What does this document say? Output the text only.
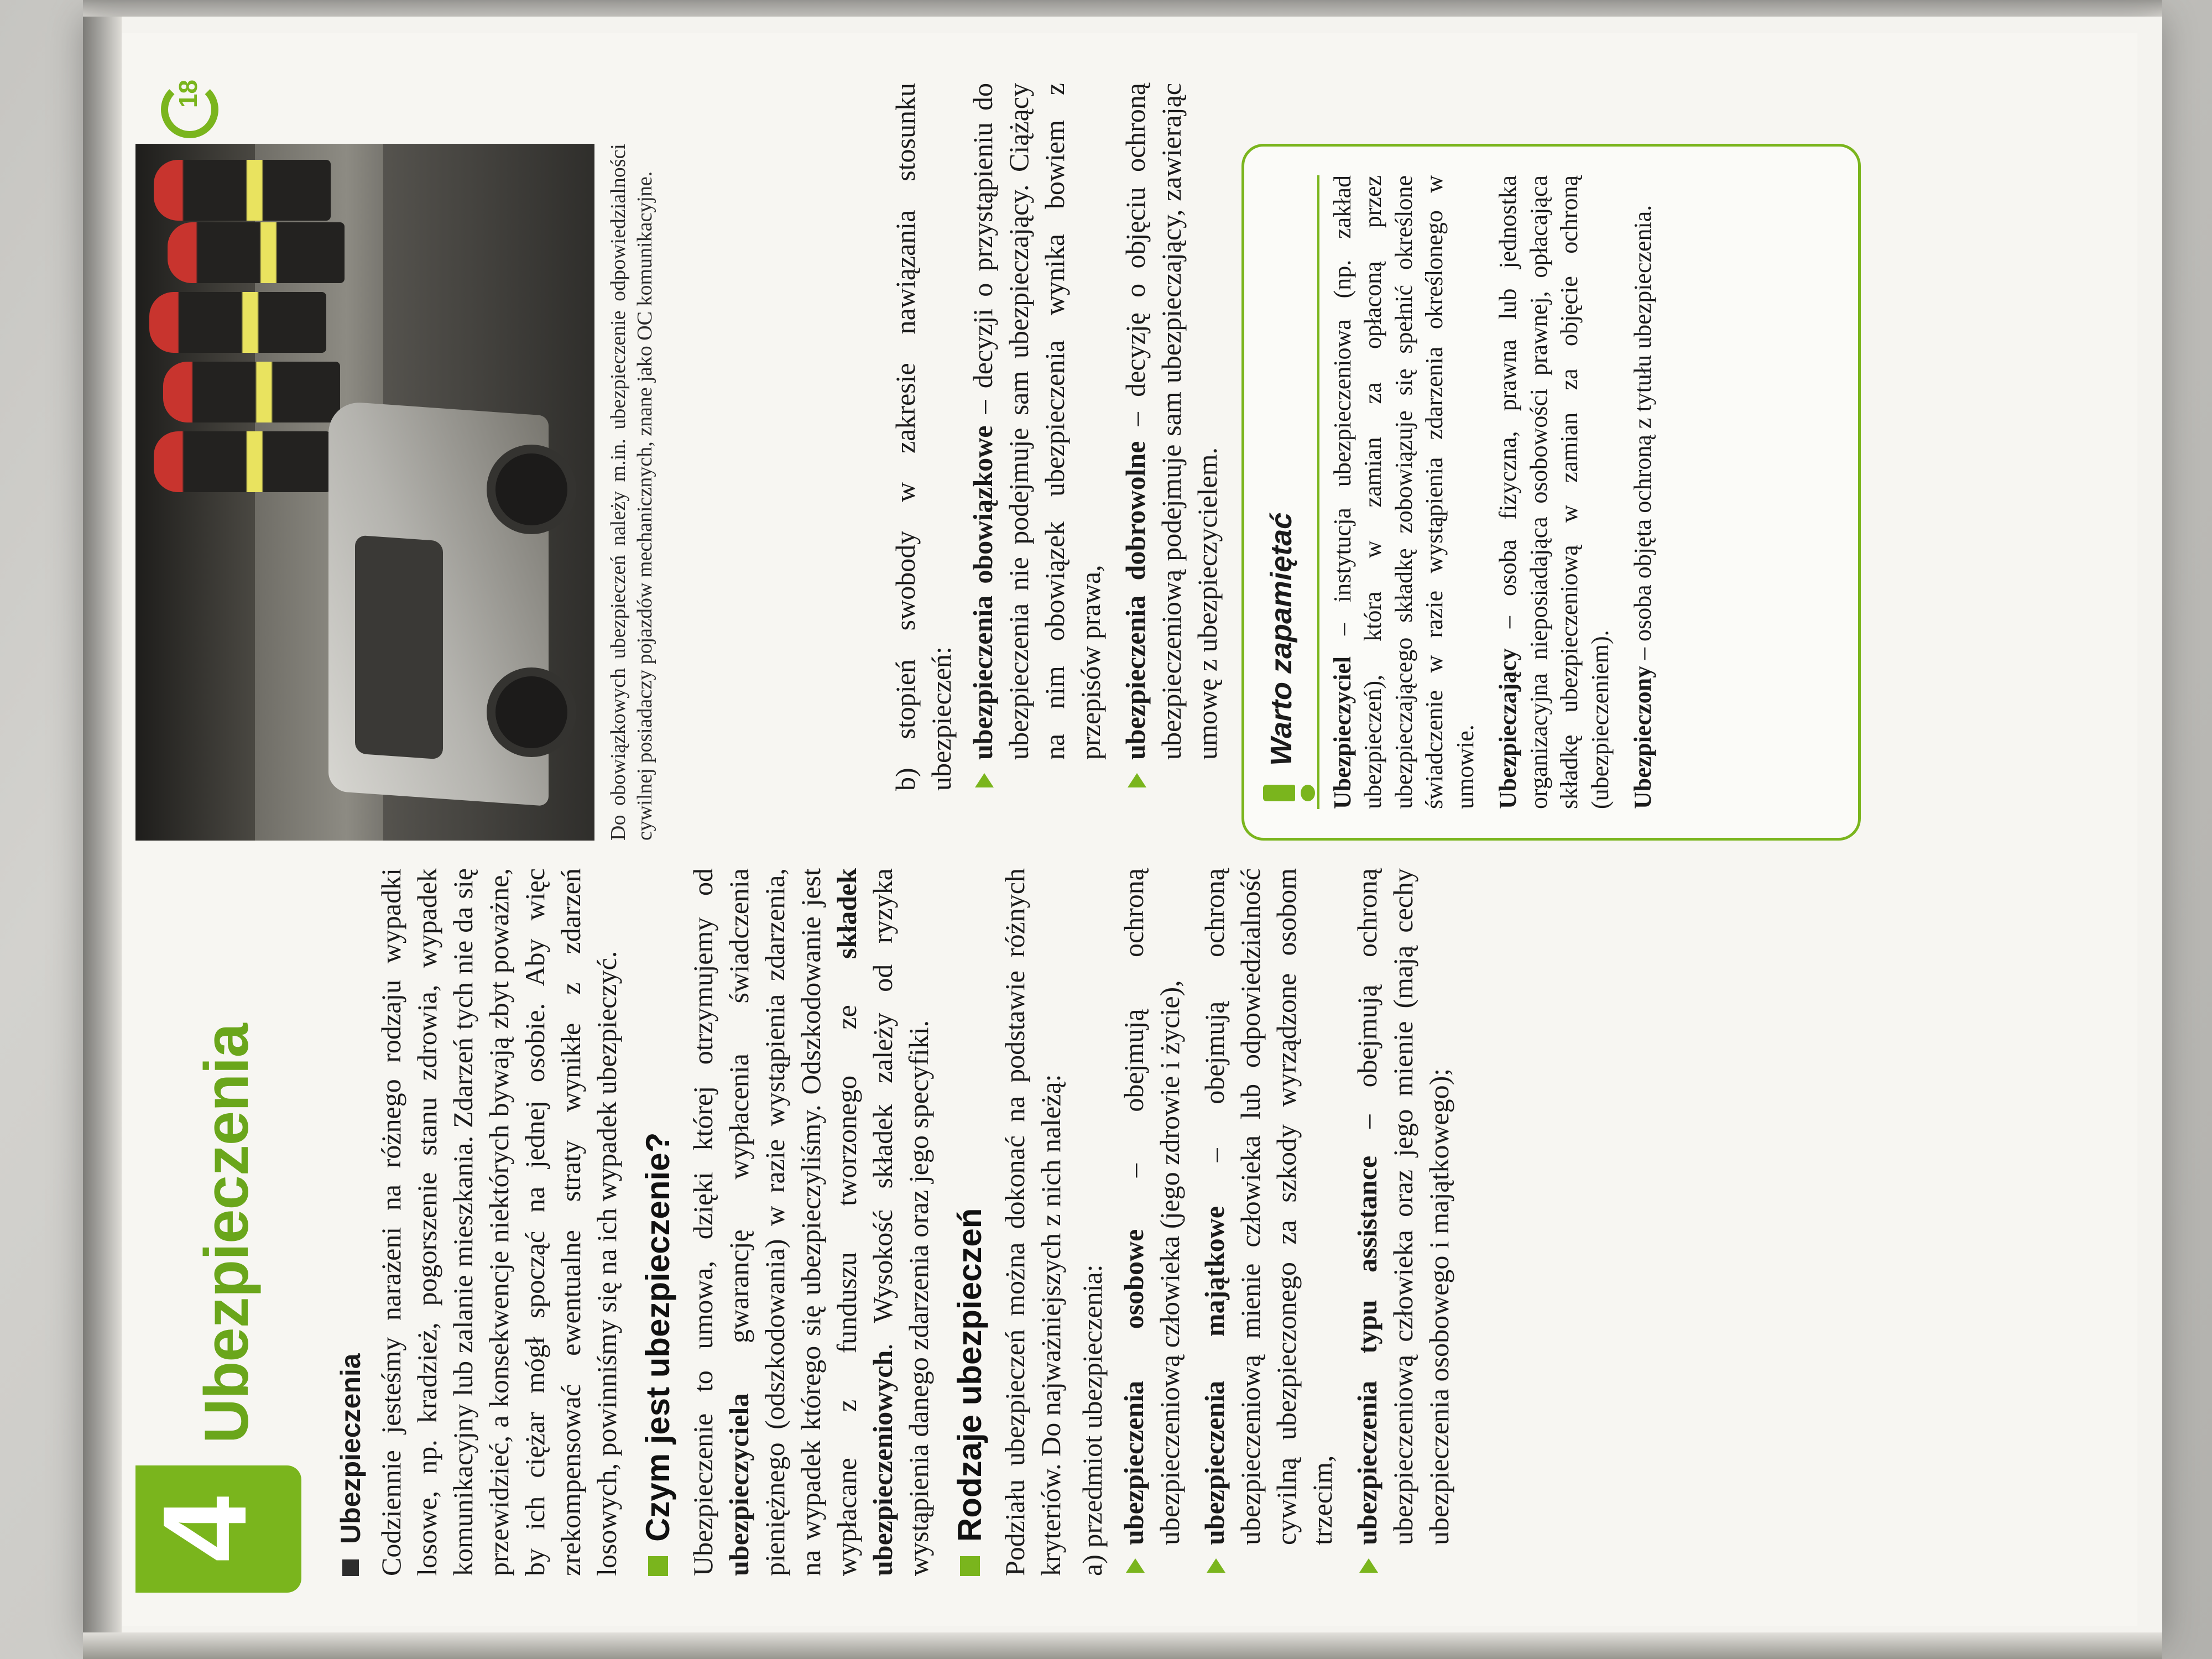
4
Ubezpieczenia
18
Do obowiązkowych ubezpieczeń należy m.in. ubezpieczenie odpowiedzialności cywilnej posiadaczy pojazdów mechanicznych, znane jako OC komunikacyjne.
Ubezpieczenia Codziennie jesteśmy narażeni na różnego rodzaju wypadki losowe, np. kradzież, pogorszenie stanu zdrowia, wypadek komunikacyjny lub zalanie mieszkania. Zdarzeń tych nie da się przewidzieć, a konsekwencje niektórych bywają zbyt poważne, by ich ciężar mógł spocząć na jednej osobie. Aby więc zrekompensować ewentualne straty wynikłe z zdarzeń losowych, powinniśmy się na ich wypadek ubezpieczyć. Czym jest ubezpieczenie? Ubezpieczenie to umowa, dzięki której otrzymujemy od ubezpieczyciela gwarancję wypłacenia świadczenia pieniężnego (odszkodowania) w razie wystąpienia zdarzenia, na wypadek którego się ubezpieczyliśmy. Odszkodowanie jest wypłacane z funduszu tworzonego ze składek ubezpieczeniowych. Wysokość składek zależy od ryzyka wystąpienia danego zdarzenia oraz jego specyfiki. Rodzaje ubezpieczeń Podziału ubezpieczeń można dokonać na podstawie różnych kryteriów. Do najważniejszych z nich należą: a) przedmiot ubezpieczenia: ubezpieczenia osobowe – obejmują ochroną ubezpieczeniową człowieka (jego zdrowie i życie), ubezpieczenia majątkowe – obejmują ochroną ubezpieczeniową mienie człowieka lub odpowiedzialność cywilną ubezpieczonego za szkody wyrządzone osobom trzecim, ubezpieczenia typu assistance – obejmują ochroną ubezpieczeniową człowieka oraz jego mienie (mają cechy ubezpieczenia osobowego i majątkowego);

b) stopień swobody w zakresie nawiązania stosunku ubezpieczeń: ubezpieczenia obowiązkowe – decyzji o przystąpieniu do ubezpieczenia nie podejmuje sam ubezpieczający. Ciążący na nim obowiązek ubezpieczenia wynika bowiem z przepisów prawa, ubezpieczenia dobrowolne – decyzję o objęciu ochroną ubezpieczeniową podejmuje sam ubezpieczający, zawierając umowę z ubezpieczycielem. Warto zapamiętać Ubezpieczyciel – instytucja ubezpieczeniowa (np. zakład ubezpieczeń), która w zamian za opłaconą przez ubezpieczającego składkę zobowiązuje się spełnić określone świadczenie w razie wystąpienia zdarzenia określonego w umowie. Ubezpieczający – osoba fizyczna, prawna lub jednostka organizacyjna nieposiadająca osobowości prawnej, opłacająca składkę ubezpieczeniową w zamian za objęcie ochroną (ubezpieczeniem). Ubezpieczony – osoba objęta ochroną z tytułu ubezpieczenia.
